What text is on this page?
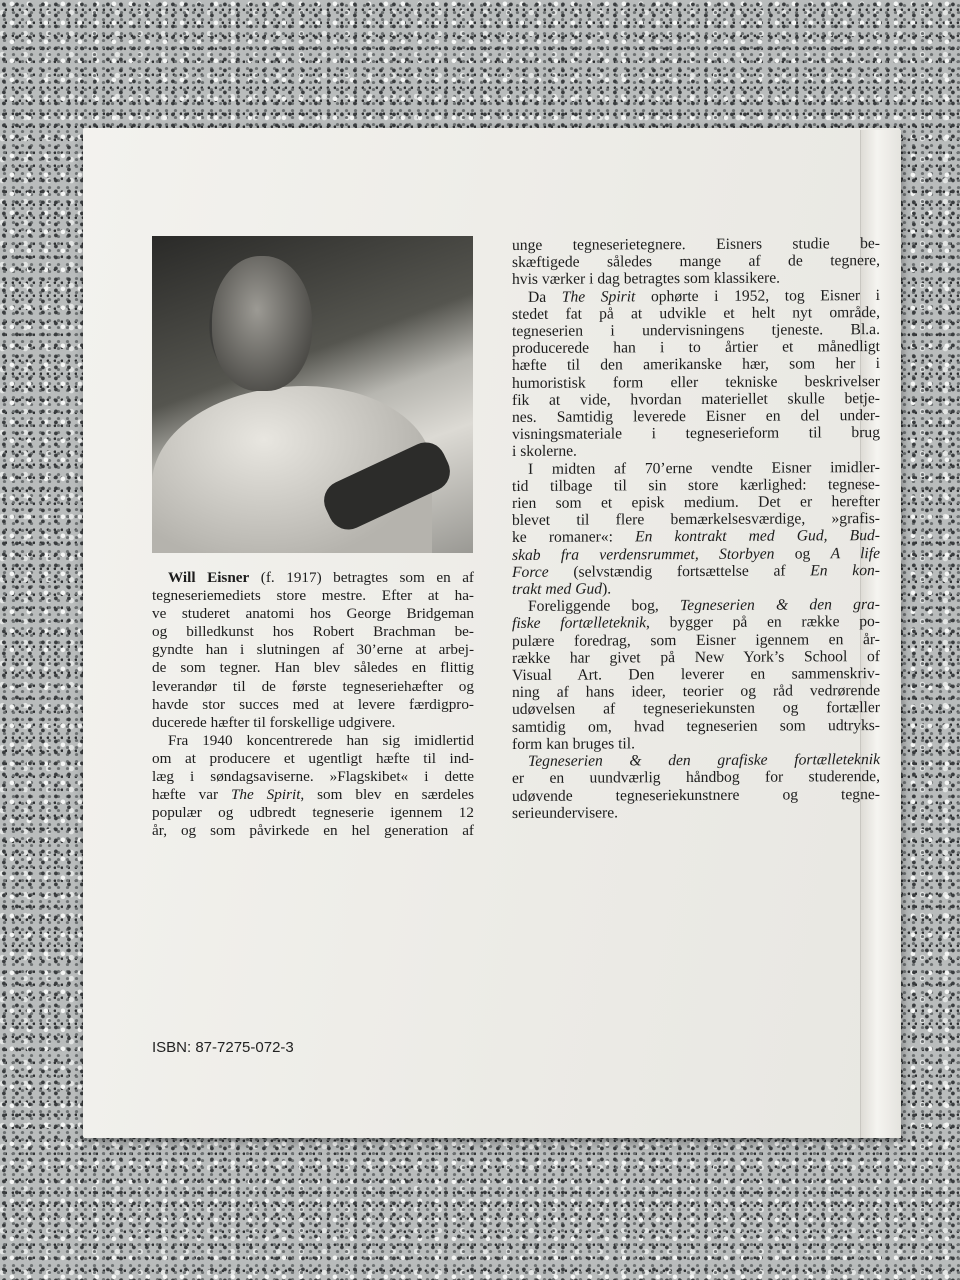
Will Eisner (f. 1917) betragtes som en af
tegneseriemediets store mestre. Efter at ha-
ve studeret anatomi hos George Bridgeman
og billedkunst hos Robert Brachman be-
gyndte han i slutningen af 30’erne at arbej-
de som tegner. Han blev således en flittig
leverandør til de første tegneseriehæfter og
havde stor succes med at levere færdigpro-
ducerede hæfter til forskellige udgivere.
Fra 1940 koncentrerede han sig imidlertid
om at producere et ugentligt hæfte til ind-
læg i søndagsaviserne. »Flagskibet« i dette
hæfte var The Spirit, som blev en særdeles
populær og udbredt tegneserie igennem 12
år, og som påvirkede en hel generation af
unge tegneserietegnere. Eisners studie be-
skæftigede således mange af de tegnere,
hvis værker i dag betragtes som klassikere.
Da The Spirit ophørte i 1952, tog Eisner i
stedet fat på at udvikle et helt nyt område,
tegneserien i undervisningens tjeneste. Bl.a.
producerede han i to årtier et månedligt
hæfte til den amerikanske hær, som her i
humoristisk form eller tekniske beskrivelser
fik at vide, hvordan materiellet skulle betje-
nes. Samtidig leverede Eisner en del under-
visningsmateriale i tegneserieform til brug
i skolerne.
I midten af 70’erne vendte Eisner imidler-
tid tilbage til sin store kærlighed: tegnese-
rien som et episk medium. Det er herefter
blevet til flere bemærkelsesværdige, »grafis-
ke romaner«: En kontrakt med Gud, Bud-
skab fra verdensrummet, Storbyen og A life
Force (selvstændig fortsættelse af En kon-
trakt med Gud).
Foreliggende bog, Tegneserien & den gra-
fiske fortælleteknik, bygger på en række po-
pulære foredrag, som Eisner igennem en år-
række har givet på New York’s School of
Visual Art. Den leverer en sammenskriv-
ning af hans ideer, teorier og råd vedrørende
udøvelsen af tegneseriekunsten og fortæller
samtidig om, hvad tegneserien som udtryks-
form kan bruges til.
Tegneserien & den grafiske fortælleteknik
er en uundværlig håndbog for studerende,
udøvende tegneseriekunstnere og tegne-
serieundervisere.
ISBN: 87-7275-072-3
